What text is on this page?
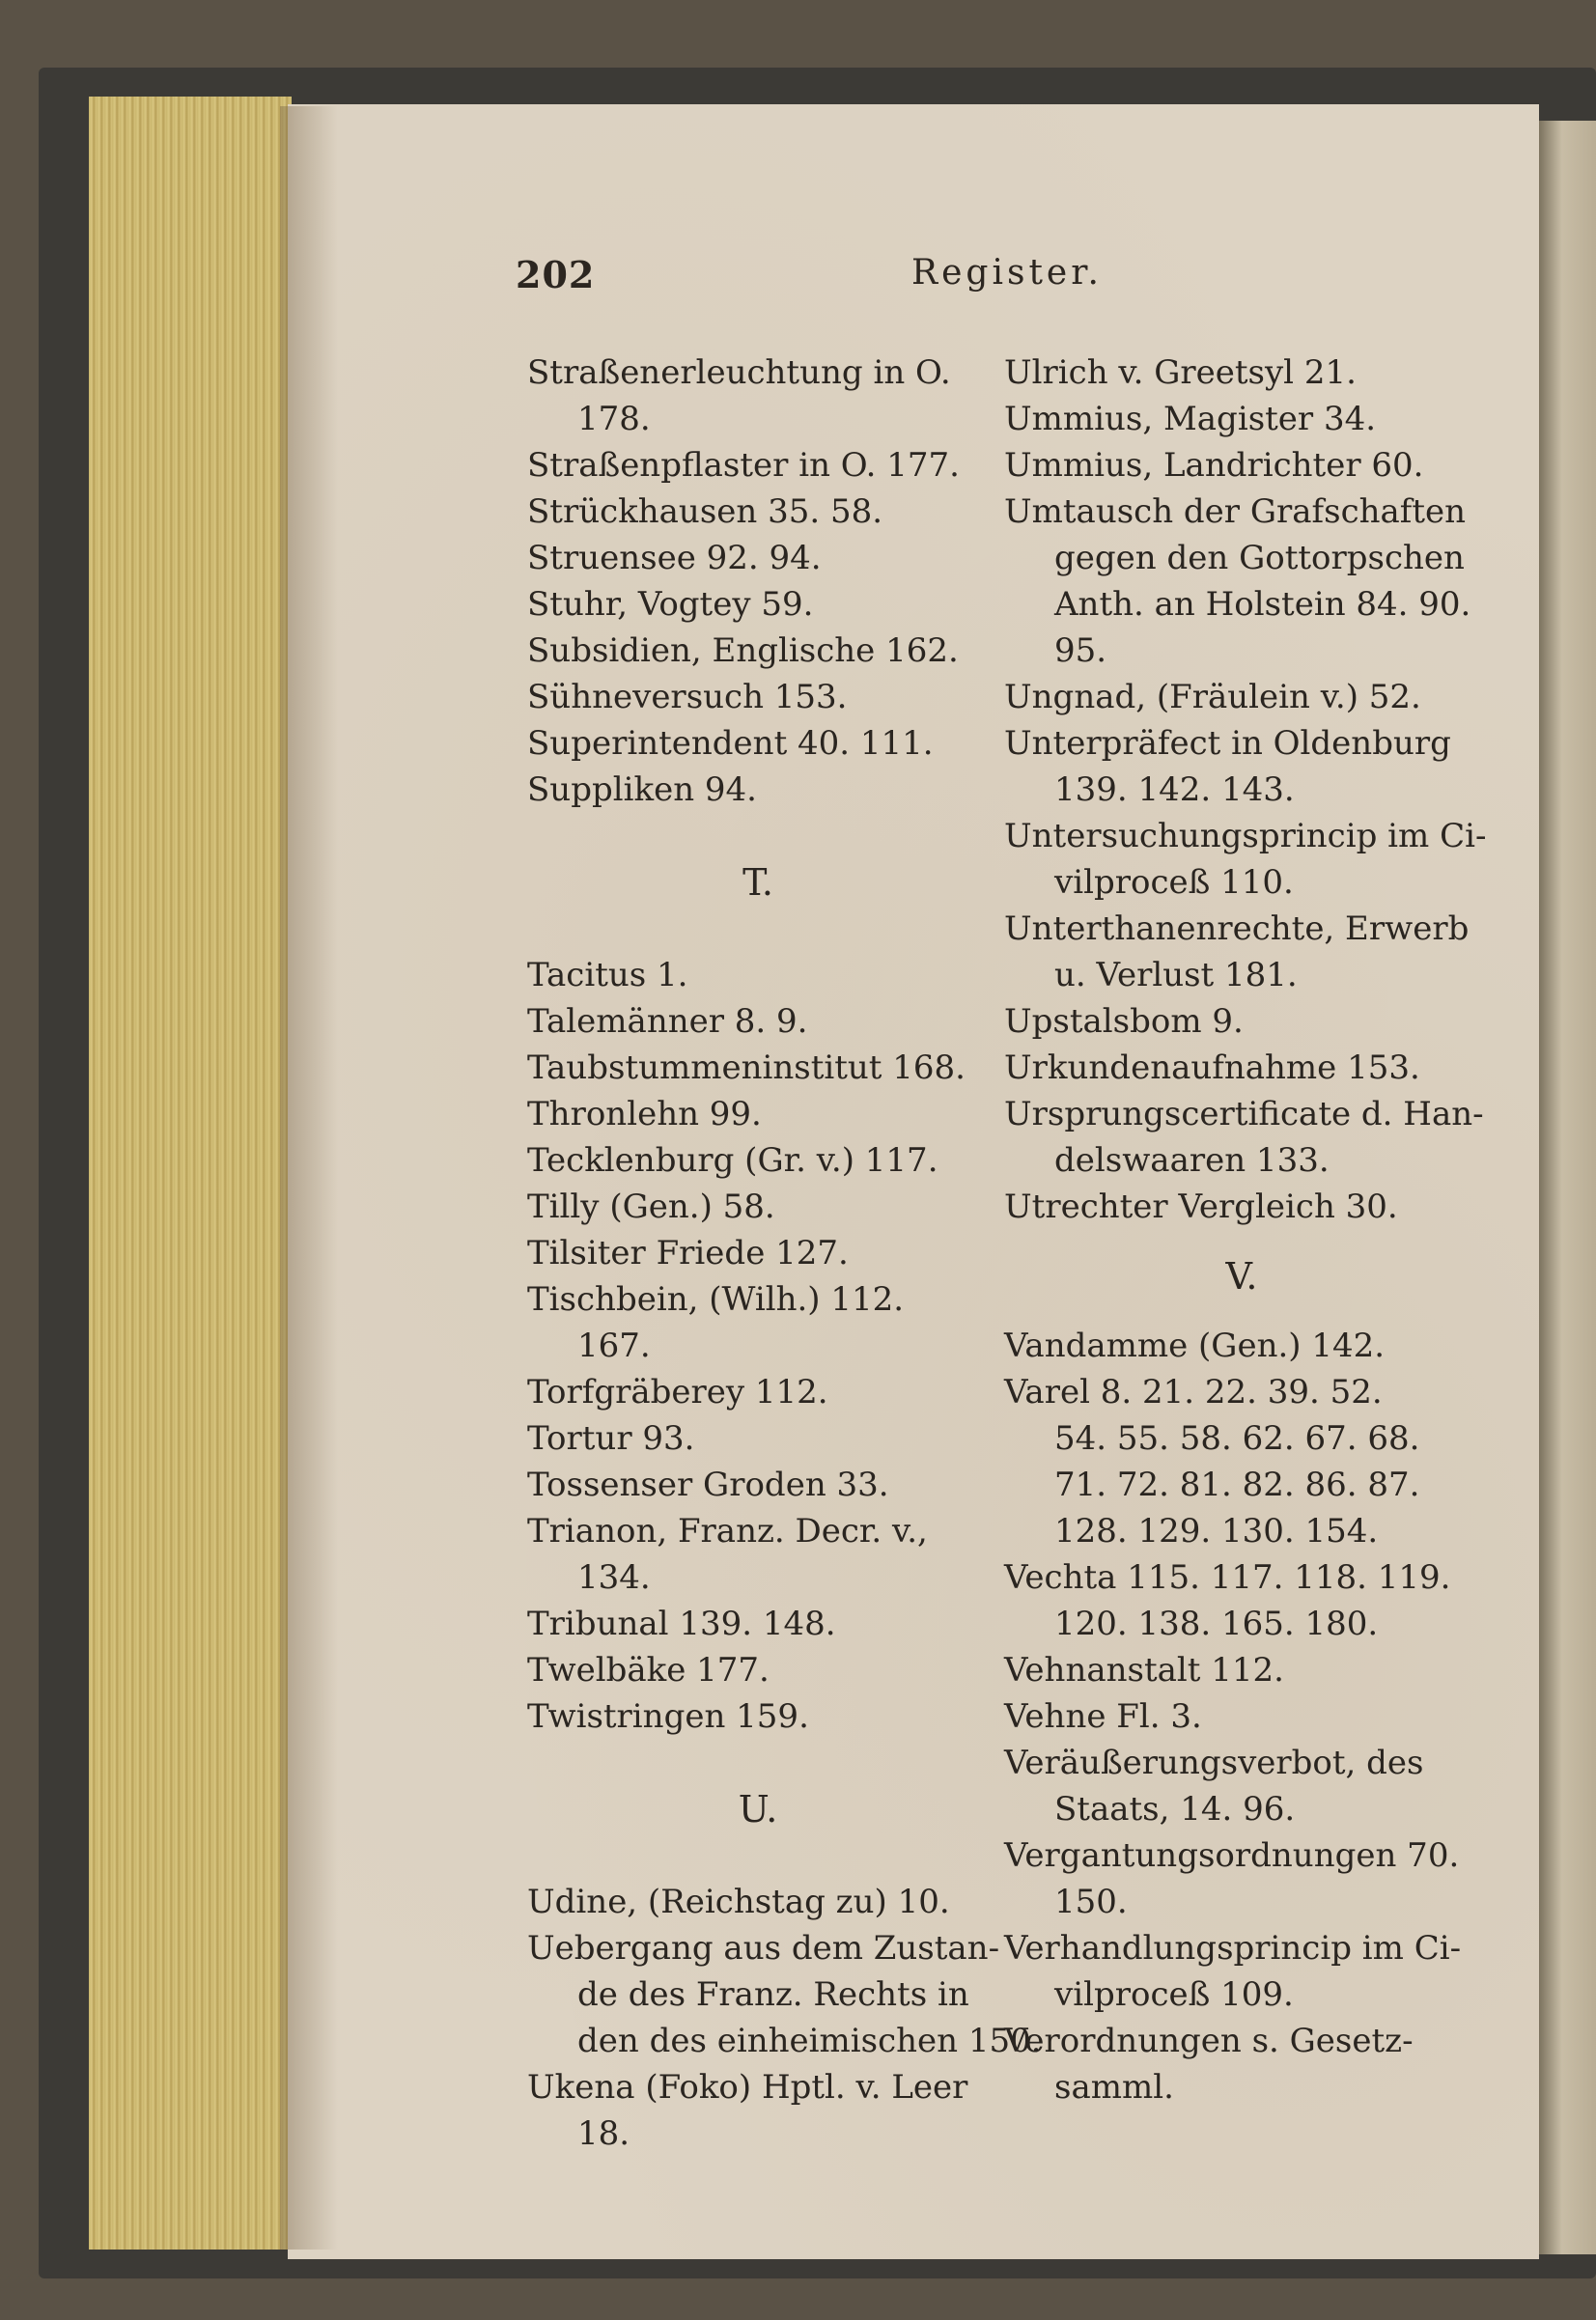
202	Register.
Straßenerleuchtung in O.
178.
Straßenpflaster in O. 177.
Strückhausen 35. 58.
Struensee 92. 94.
Stuhr, Vogtey 59.
Subsidien, Englische 162.
Sühneversuch 153.
Superintendent 40. 111.
Suppliken 94.
T.
Tacitus 1.
Talemänner 8. 9.
Taubstummeninstitut 168.
Thronlehn 99.
Tecklenburg (Gr. v.) 117.
Tilly (Gen.) 58.
Tilsiter Friede 127.
Tischbein, (Wilh.) 112.
167.
Torfgräberey 112.
Tortur 93.
Tossenser Groden 33.
Trianon, Franz. Decr. v.,
134.
Tribunal 139. 148.
Twelbäke 177.
Twistringen 159.
U.
Udine, (Reichstag zu) 10.
Uebergang aus dem Zustan-
de des Franz. Rechts in
den des einheimischen 150.
Ukena (Foko) Hptl. v. Leer
18.
Ulrich v. Greetsyl 21.
Ummius, Magister 34.
Ummius, Landrichter 60.
Umtausch der Grafschaften
gegen den Gottorpschen
Anth. an Holstein 84. 90.
95.
Ungnad, (Fräulein v.) 52.
Unterpräfect in Oldenburg
139. 142. 143.
Untersuchungsprincip im Ci-
vilproceß 110.
Unterthanenrechte, Erwerb
u. Verlust 181.
Upstalsbom 9.
Urkundenaufnahme 153.
Ursprungscertificate d. Han-
delswaaren 133.
Utrechter Vergleich 30.
V.
Vandamme (Gen.) 142.
Varel 8. 21. 22. 39. 52.
54. 55. 58. 62. 67. 68.
71. 72. 81. 82. 86. 87.
128. 129. 130. 154.
Vechta 115. 117. 118. 119.
120. 138. 165. 180.
Vehnanstalt 112.
Vehne Fl. 3.
Veräußerungsverbot, des
Staats, 14. 96.
Vergantungsordnungen 70.
150.
Verhandlungsprincip im Ci-
vilproceß 109.
Verordnungen s. Gesetz-
samml.
